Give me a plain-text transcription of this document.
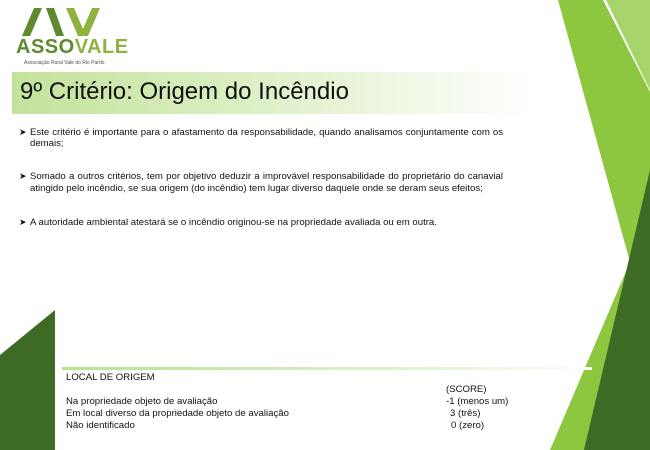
ASSOVALE
Associação Rural Vale do Rio Pardo
9º Critério: Origem do Incêndio
➤ Este critério é importante para o afastamento da responsabilidade, quando analisamos conjuntamente com os demais;
➤ Somado a outros critérios, tem por objetivo deduzir a improvável responsabilidade do proprietário do canavial atingido pelo incêndio, se sua origem (do incêndio) tem lugar diverso daquele onde se deram seus efeitos;
➤ A autoridade ambiental atestará se o incêndio originou-se na propriedade avaliada ou em outra.
LOCAL DE ORIGEM
(SCORE)
Na propriedade objeto de avaliação	-1 (menos um)
Em local diverso da propriedade objeto de avaliação	3 (três)
Não identificado	0 (zero)
